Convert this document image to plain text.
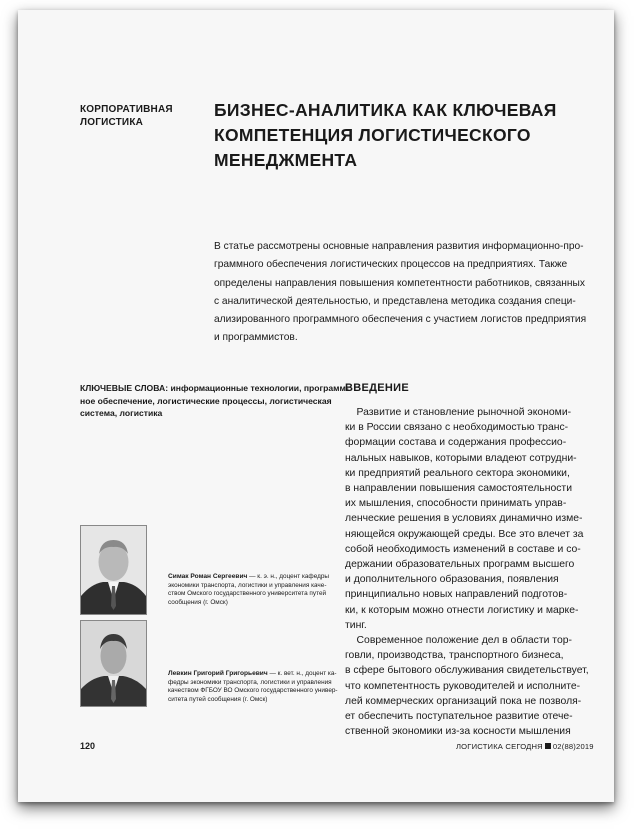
КОРПОРАТИВНАЯ
ЛОГИСТИКА
БИЗНЕС-АНАЛИТИКА КАК КЛЮЧЕВАЯ
КОМПЕТЕНЦИЯ ЛОГИСТИЧЕСКОГО
МЕНЕДЖМЕНТА
В статье рассмотрены основные направления развития информационно-про-
граммного обеспечения логистических процессов на предприятиях. Также
определены направления повышения компетентности работников, связанных
с аналитической деятельностью, и представлена методика создания специ-
ализированного программного обеспечения с участием логистов предприятия
и программистов.
КЛЮЧЕВЫЕ СЛОВА: информационные технологии, программ-
ное обеспечение, логистические процессы, логистическая
система, логистика
ВВЕДЕНИЕ
Развитие и становление рыночной экономи-
ки в России связано с необходимостью транс-
формации состава и содержания профессио-
нальных навыков, которыми владеют сотрудни-
ки предприятий реального сектора экономики,
в направлении повышения самостоятельности
их мышления, способности принимать управ-
ленческие решения в условиях динамично изме-
няющейся окружающей среды. Все это влечет за
собой необходимость изменений в составе и со-
держании образовательных программ высшего
и дополнительного образования, появления
принципиально новых направлений подготов-
ки, к которым можно отнести логистику и марке-
тинг.
Современное положение дел в области тор-
говли, производства, транспортного бизнеса,
в сфере бытового обслуживания свидетельствует,
что компетентность руководителей и исполните-
лей коммерческих организаций пока не позволя-
ет обеспечить поступательное развитие отече-
ственной экономики из-за косности мышления
Симак Роман Сергеевич — к. э. н., доцент кафедры
экономики транспорта, логистики и управления каче-
ством Омского государственного университета путей
сообщения (г. Омск)
Левкин Григорий Григорьевич — к. вет. н., доцент ка-
федры экономики транспорта, логистики и управления
качеством ФГБОУ ВО Омского государственного универ-
ситета путей сообщения (г. Омск)
120	ЛОГИСТИКА СЕГОДНЯ 02(88)2019
